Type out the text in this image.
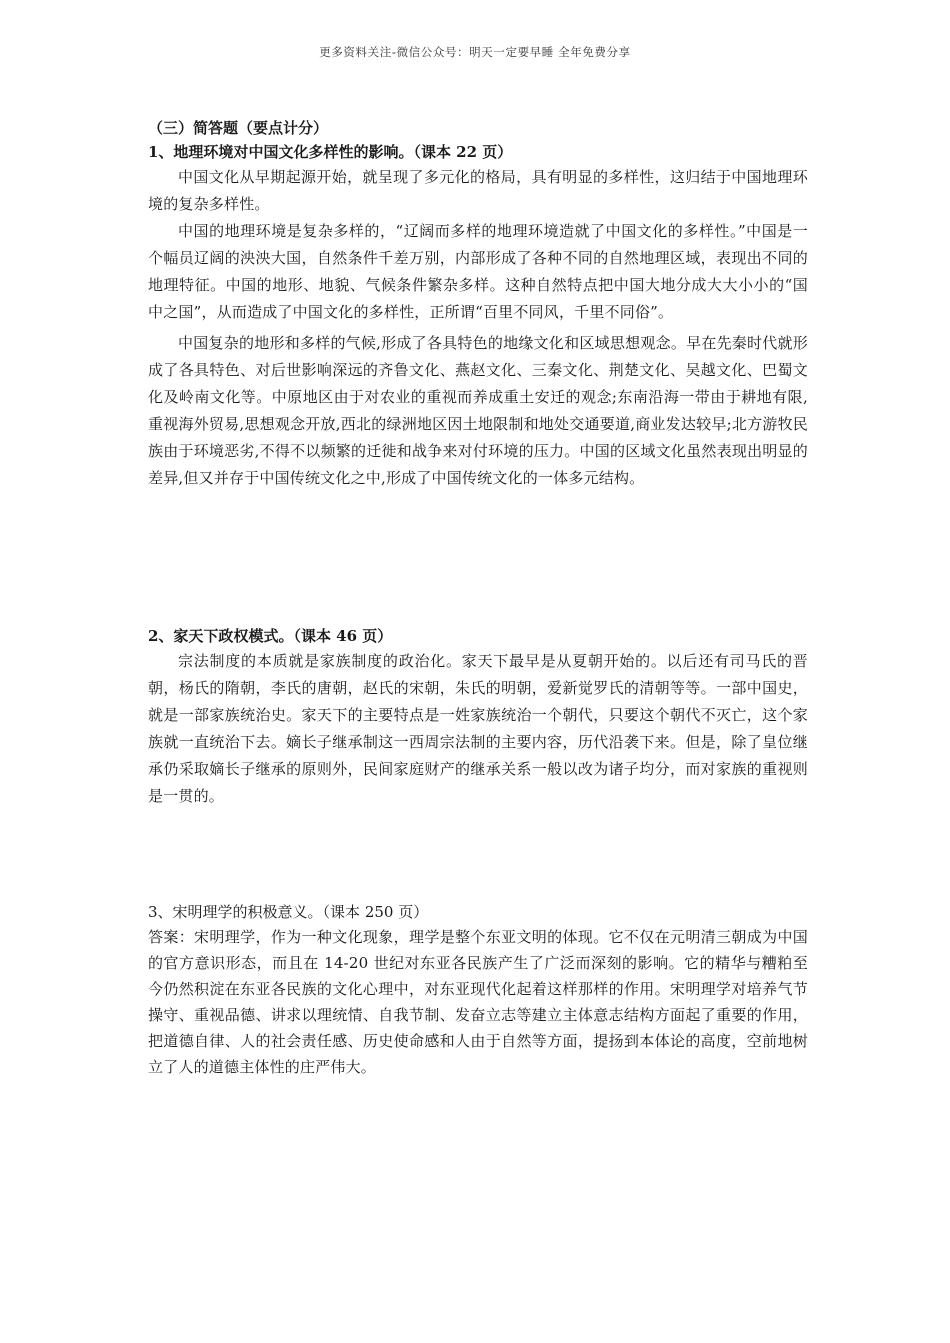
更多资料关注-微信公众号：明天一定要早睡 全年免费分享

（三）简答题（要点计分）

1、地理环境对中国文化多样性的影响。（课本 22 页）

中国文化从早期起源开始，就呈现了多元化的格局，具有明显的多样性，这归结于中国地理环境的复杂多样性。

中国的地理环境是复杂多样的，“辽阔而多样的地理环境造就了中国文化的多样性。”中国是一个幅员辽阔的泱泱大国，自然条件千差万别，内部形成了各种不同的自然地理区域，表现出不同的地理特征。中国的地形、地貌、气候条件繁杂多样。这种自然特点把中国大地分成大大小小的“国中之国”，从而造成了中国文化的多样性，正所谓“百里不同风，千里不同俗”。

中国复杂的地形和多样的气候,形成了各具特色的地缘文化和区域思想观念。早在先秦时代就形成了各具特色、对后世影响深远的齐鲁文化、燕赵文化、三秦文化、荆楚文化、吴越文化、巴蜀文化及岭南文化等。中原地区由于对农业的重视而养成重土安迁的观念;东南沿海一带由于耕地有限,重视海外贸易,思想观念开放,西北的绿洲地区因土地限制和地处交通要道,商业发达较早;北方游牧民族由于环境恶劣,不得不以频繁的迁徙和战争来对付环境的压力。中国的区域文化虽然表现出明显的差异,但又并存于中国传统文化之中,形成了中国传统文化的一体多元结构。

2、家天下政权模式。（课本 46 页）

宗法制度的本质就是家族制度的政治化。家天下最早是从夏朝开始的。以后还有司马氏的晋朝，杨氏的隋朝，李氏的唐朝，赵氏的宋朝，朱氏的明朝，爱新觉罗氏的清朝等等。一部中国史，就是一部家族统治史。家天下的主要特点是一姓家族统治一个朝代，只要这个朝代不灭亡，这个家族就一直统治下去。嫡长子继承制这一西周宗法制的主要内容，历代沿袭下来。但是，除了皇位继承仍采取嫡长子继承的原则外，民间家庭财产的继承关系一般以改为诸子均分，而对家族的重视则是一贯的。

3、宋明理学的积极意义。（课本 250 页）

答案：宋明理学，作为一种文化现象，理学是整个东亚文明的体现。它不仅在元明清三朝成为中国的官方意识形态，而且在 14-20 世纪对东亚各民族产生了广泛而深刻的影响。它的精华与糟粕至今仍然积淀在东亚各民族的文化心理中，对东亚现代化起着这样那样的作用。宋明理学对培养气节操守、重视品德、讲求以理统情、自我节制、发奋立志等建立主体意志结构方面起了重要的作用，把道德自律、人的社会责任感、历史使命感和人由于自然等方面，提扬到本体论的高度，空前地树立了人的道德主体性的庄严伟大。
